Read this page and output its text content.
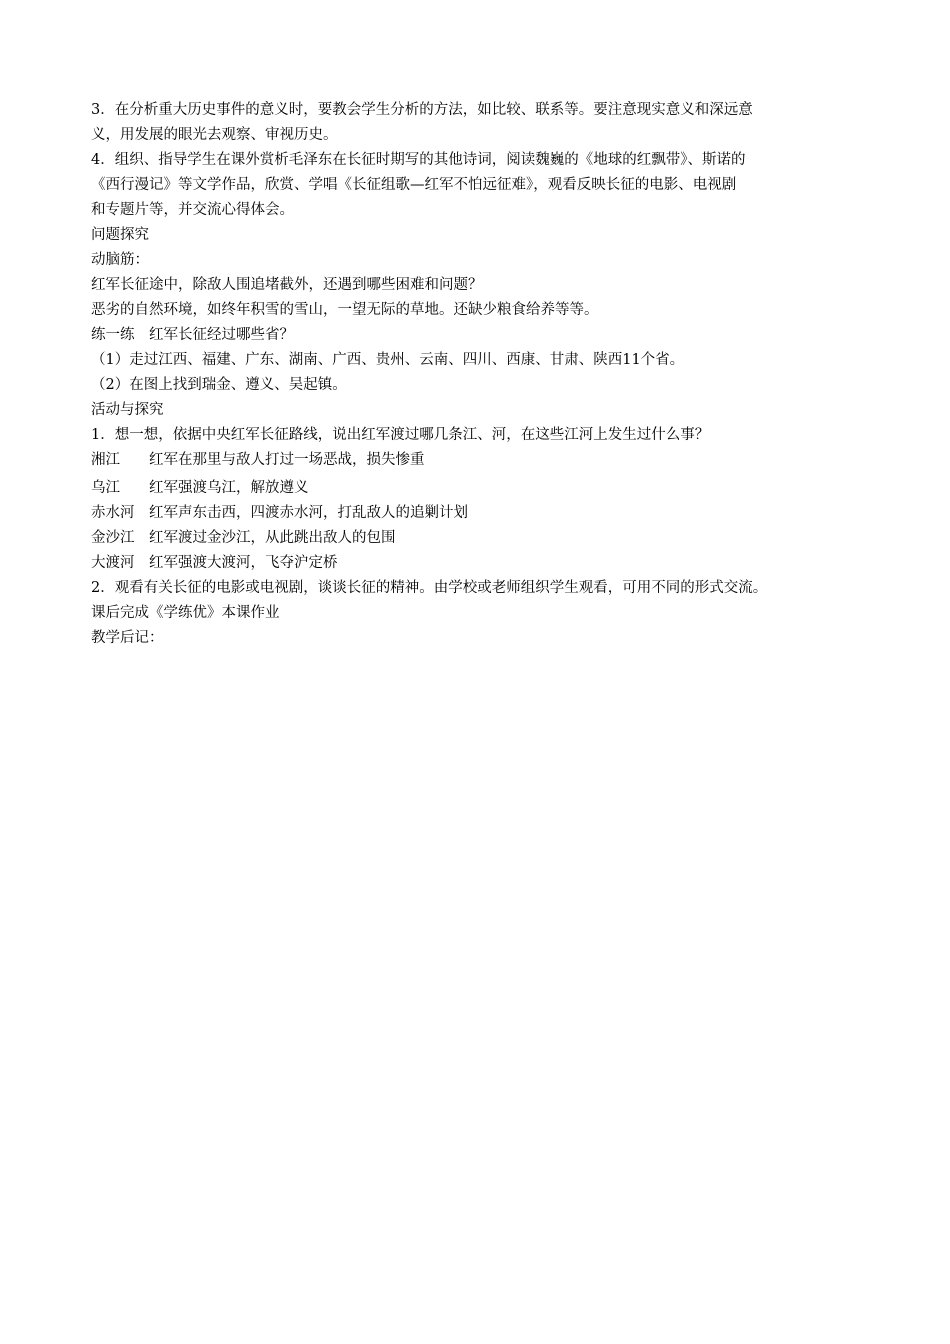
3．在分析重大历史事件的意义时，要教会学生分析的方法，如比较、联系等。要注意现实意义和深远意
义，用发展的眼光去观察、审视历史。
4．组织、指导学生在课外赏析毛泽东在长征时期写的其他诗词，阅读魏巍的《地球的红飘带》、斯诺的
《西行漫记》等文学作品，欣赏、学唱《长征组歌—红军不怕远征难》，观看反映长征的电影、电视剧
和专题片等，并交流心得体会。
问题探究
动脑筋：
红军长征途中，除敌人围追堵截外，还遇到哪些困难和问题？
恶劣的自然环境，如终年积雪的雪山，一望无际的草地。还缺少粮食给养等等。
练一练　红军长征经过哪些省？
（1）走过江西、福建、广东、湖南、广西、贵州、云南、四川、西康、甘肃、陕西11个省。
（2）在图上找到瑞金、遵义、吴起镇。
活动与探究
1．想一想，依据中央红军长征路线，说出红军渡过哪几条江、河，在这些江河上发生过什么事？
湘江 红军在那里与敌人打过一场恶战，损失惨重
乌江 红军强渡乌江，解放遵义
赤水河 红军声东击西，四渡赤水河，打乱敌人的追剿计划
金沙江 红军渡过金沙江，从此跳出敌人的包围
大渡河 红军强渡大渡河，飞夺沪定桥
2．观看有关长征的电影或电视剧，谈谈长征的精神。由学校或老师组织学生观看，可用不同的形式交流。
课后完成《学练优》本课作业
教学后记：
